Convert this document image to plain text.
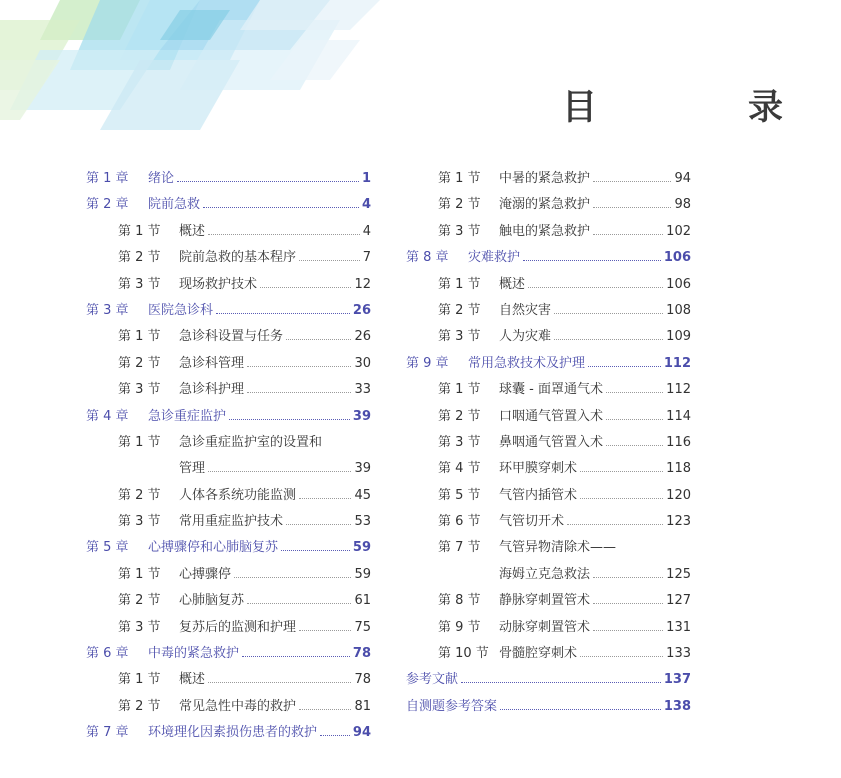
目　录
第 1 章 绪论	1
第 2 章 院前急救	4
第 1 节 概述	4
第 2 节 院前急救的基本程序	7
第 3 节 现场救护技术	12
第 3 章 医院急诊科	26
第 1 节 急诊科设置与任务	26
第 2 节 急诊科管理	30
第 3 节 急诊科护理	33
第 4 章 急诊重症监护	39
第 1 节 急诊重症监护室的设置和
管理	39
第 2 节 人体各系统功能监测	45
第 3 节 常用重症监护技术	53
第 5 章 心搏骤停和心肺脑复苏	59
第 1 节 心搏骤停	59
第 2 节 心肺脑复苏	61
第 3 节 复苏后的监测和护理	75
第 6 章 中毒的紧急救护	78
第 1 节 概述	78
第 2 节 常见急性中毒的救护	81
第 7 章 环境理化因素损伤患者的救护	94
第 1 节 中暑的紧急救护	94
第 2 节 淹溺的紧急救护	98
第 3 节 触电的紧急救护	102
第 8 章 灾难救护	106
第 1 节 概述	106
第 2 节 自然灾害	108
第 3 节 人为灾难	109
第 9 章 常用急救技术及护理	112
第 1 节 球囊 - 面罩通气术	112
第 2 节 口咽通气管置入术	114
第 3 节 鼻咽通气管置入术	116
第 4 节 环甲膜穿刺术	118
第 5 节 气管内插管术	120
第 6 节 气管切开术	123
第 7 节 气管异物清除术——
海姆立克急救法	125
第 8 节 静脉穿刺置管术	127
第 9 节 动脉穿刺置管术	131
第 10 节 骨髓腔穿刺术	133
参考文献	137
自测题参考答案	138
